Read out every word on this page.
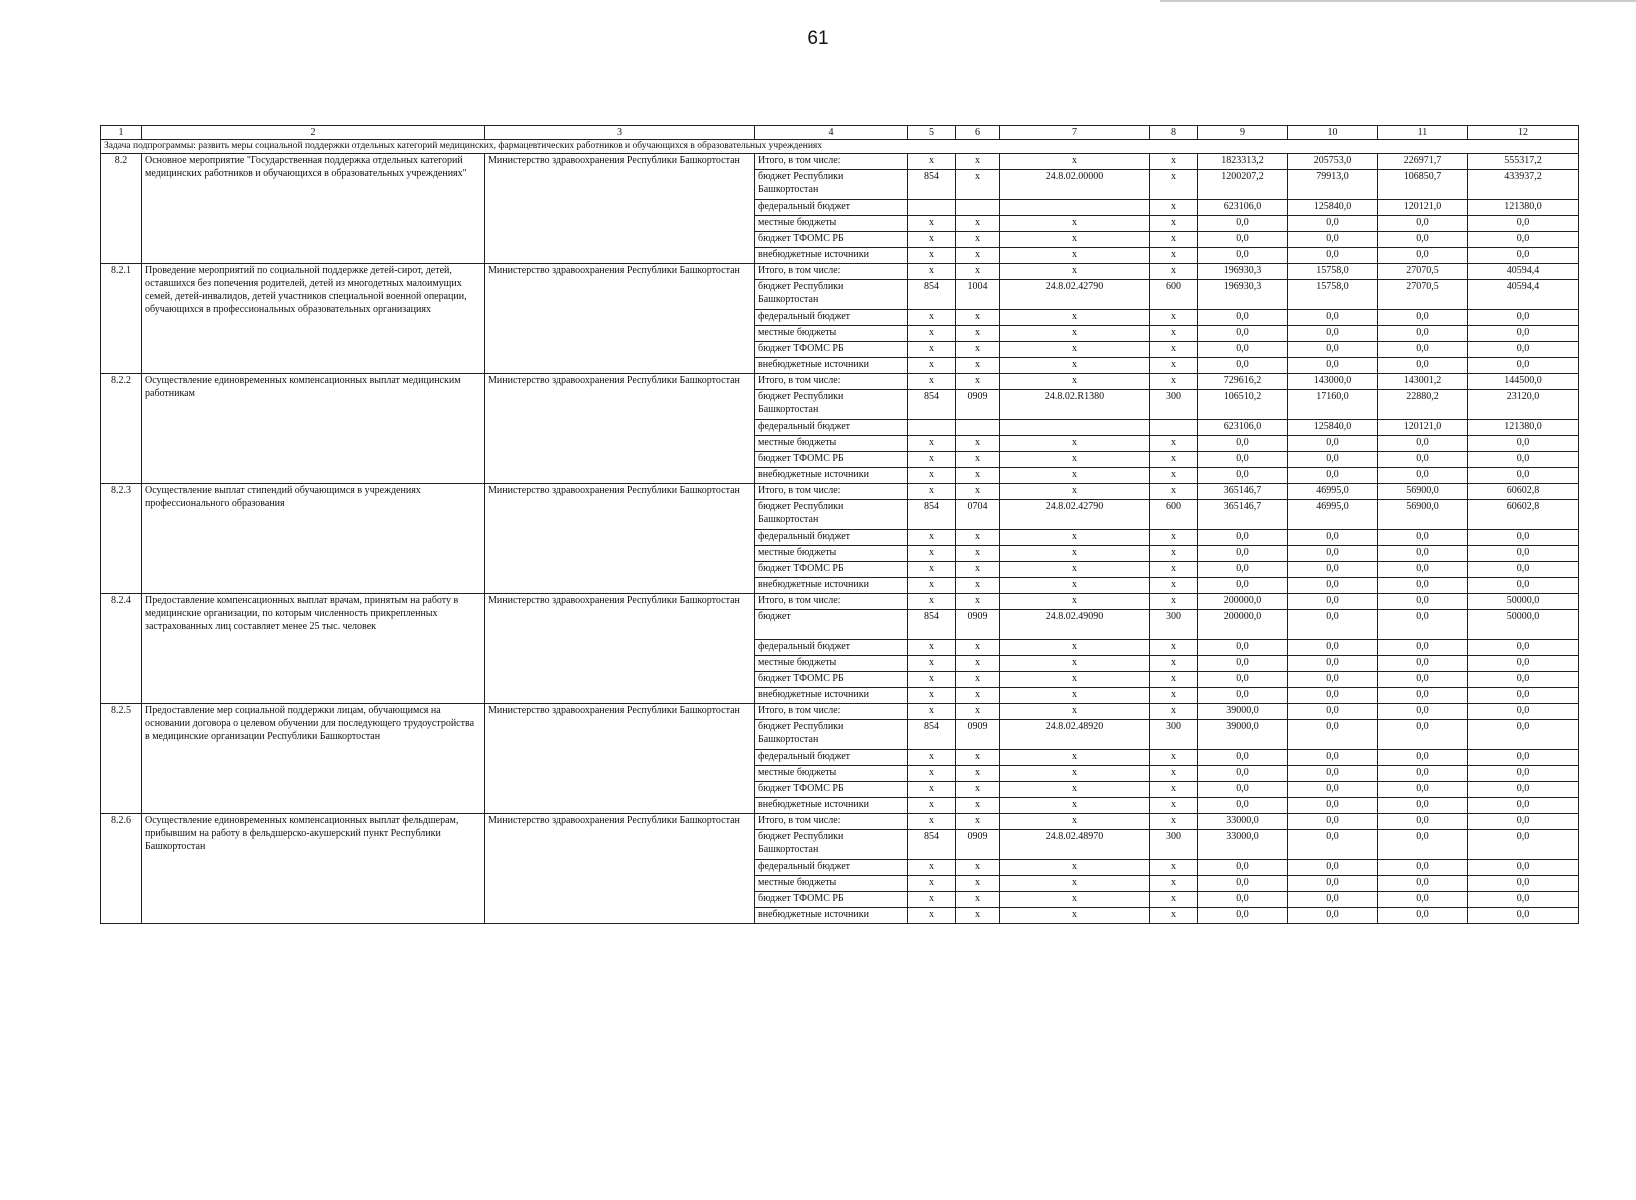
61
1	2	3	4	5	6	7	8	9	10	11	12
Задача подпрограммы: развить меры социальной поддержки отдельных категорий медицинских, фармацевтических работников и обучающихся в образовательных учреждениях											
8.2	Основное мероприятие "Государственная поддержка отдельных категорий медицинских работников и обучающихся в образовательных учреждениях"	Министерство здравоохранения Республики Башкортостан	Итого, в том числе:	x	x	x	x	1823313,2	205753,0	226971,7	555317,2
			бюджет Республики Башкортостан	854	x	24.8.02.00000	x	1200207,2	79913,0	106850,7	433937,2
			федеральный бюджет				x	623106,0	125840,0	120121,0	121380,0
			местные бюджеты	x	x	x	x	0,0	0,0	0,0	0,0
			бюджет ТФОМС РБ	x	x	x	x	0,0	0,0	0,0	0,0
			внебюджетные источники	x	x	x	x	0,0	0,0	0,0	0,0
8.2.1	Проведение мероприятий по социальной поддержке детей-сирот, детей, оставшихся без попечения родителей, детей из многодетных малоимущих семей, детей-инвалидов, детей участников специальной военной операции, обучающихся в профессиональных образовательных организациях	Министерство здравоохранения Республики Башкортостан	Итого, в том числе:	x	x	x	x	196930,3	15758,0	27070,5	40594,4
			бюджет Республики Башкортостан	854	1004	24.8.02.42790	600	196930,3	15758,0	27070,5	40594,4
			федеральный бюджет	x	x	x	x	0,0	0,0	0,0	0,0
			местные бюджеты	x	x	x	x	0,0	0,0	0,0	0,0
			бюджет ТФОМС РБ	x	x	x	x	0,0	0,0	0,0	0,0
			внебюджетные источники	x	x	x	x	0,0	0,0	0,0	0,0
8.2.2	Осуществление единовременных компенсационных выплат медицинским работникам	Министерство здравоохранения Республики Башкортостан	Итого, в том числе:	x	x	x	x	729616,2	143000,0	143001,2	144500,0
			бюджет Республики Башкортостан	854	0909	24.8.02.R1380	300	106510,2	17160,0	22880,2	23120,0
			федеральный бюджет					623106,0	125840,0	120121,0	121380,0
			местные бюджеты	x	x	x	x	0,0	0,0	0,0	0,0
			бюджет ТФОМС РБ	x	x	x	x	0,0	0,0	0,0	0,0
			внебюджетные источники	x	x	x	x	0,0	0,0	0,0	0,0
8.2.3	Осуществление выплат стипендий обучающимся в учреждениях профессионального образования	Министерство здравоохранения Республики Башкортостан	Итого, в том числе:	x	x	x	x	365146,7	46995,0	56900,0	60602,8
			бюджет Республики Башкортостан	854	0704	24.8.02.42790	600	365146,7	46995,0	56900,0	60602,8
			федеральный бюджет	x	x	x	x	0,0	0,0	0,0	0,0
			местные бюджеты	x	x	x	x	0,0	0,0	0,0	0,0
			бюджет ТФОМС РБ	x	x	x	x	0,0	0,0	0,0	0,0
			внебюджетные источники	x	x	x	x	0,0	0,0	0,0	0,0
8.2.4	Предоставление компенсационных выплат врачам, принятым на работу в медицинские организации, по которым численность прикрепленных застрахованных лиц составляет менее 25 тыс. человек	Министерство здравоохранения Республики Башкортостан	Итого, в том числе:	x	x	x	x	200000,0	0,0	0,0	50000,0
			бюджет	854	0909	24.8.02.49090	300	200000,0	0,0	0,0	50000,0
			федеральный бюджет	x	x	x	x	0,0	0,0	0,0	0,0
			местные бюджеты	x	x	x	x	0,0	0,0	0,0	0,0
			бюджет ТФОМС РБ	x	x	x	x	0,0	0,0	0,0	0,0
			внебюджетные источники	x	x	x	x	0,0	0,0	0,0	0,0
8.2.5	Предоставление мер социальной поддержки лицам, обучающимся на основании договора о целевом обучении для последующего трудоустройства в медицинские организации Республики Башкортостан	Министерство здравоохранения Республики Башкортостан	Итого, в том числе:	x	x	x	x	39000,0	0,0	0,0	0,0
			бюджет Республики Башкортостан	854	0909	24.8.02.48920	300	39000,0	0,0	0,0	0,0
			федеральный бюджет	x	x	x	x	0,0	0,0	0,0	0,0
			местные бюджеты	x	x	x	x	0,0	0,0	0,0	0,0
			бюджет ТФОМС РБ	x	x	x	x	0,0	0,0	0,0	0,0
			внебюджетные источники	x	x	x	x	0,0	0,0	0,0	0,0
8.2.6	Осуществление единовременных компенсационных выплат фельдшерам, прибывшим на работу в фельдшерско-акушерский пункт Республики Башкортостан	Министерство здравоохранения Республики Башкортостан	Итого, в том числе:	x	x	x	x	33000,0	0,0	0,0	0,0
			бюджет Республики Башкортостан	854	0909	24.8.02.48970	300	33000,0	0,0	0,0	0,0
			федеральный бюджет	x	x	x	x	0,0	0,0	0,0	0,0
			местные бюджеты	x	x	x	x	0,0	0,0	0,0	0,0
			бюджет ТФОМС РБ	x	x	x	x	0,0	0,0	0,0	0,0
			внебюджетные источники	x	x	x	x	0,0	0,0	0,0	0,0
